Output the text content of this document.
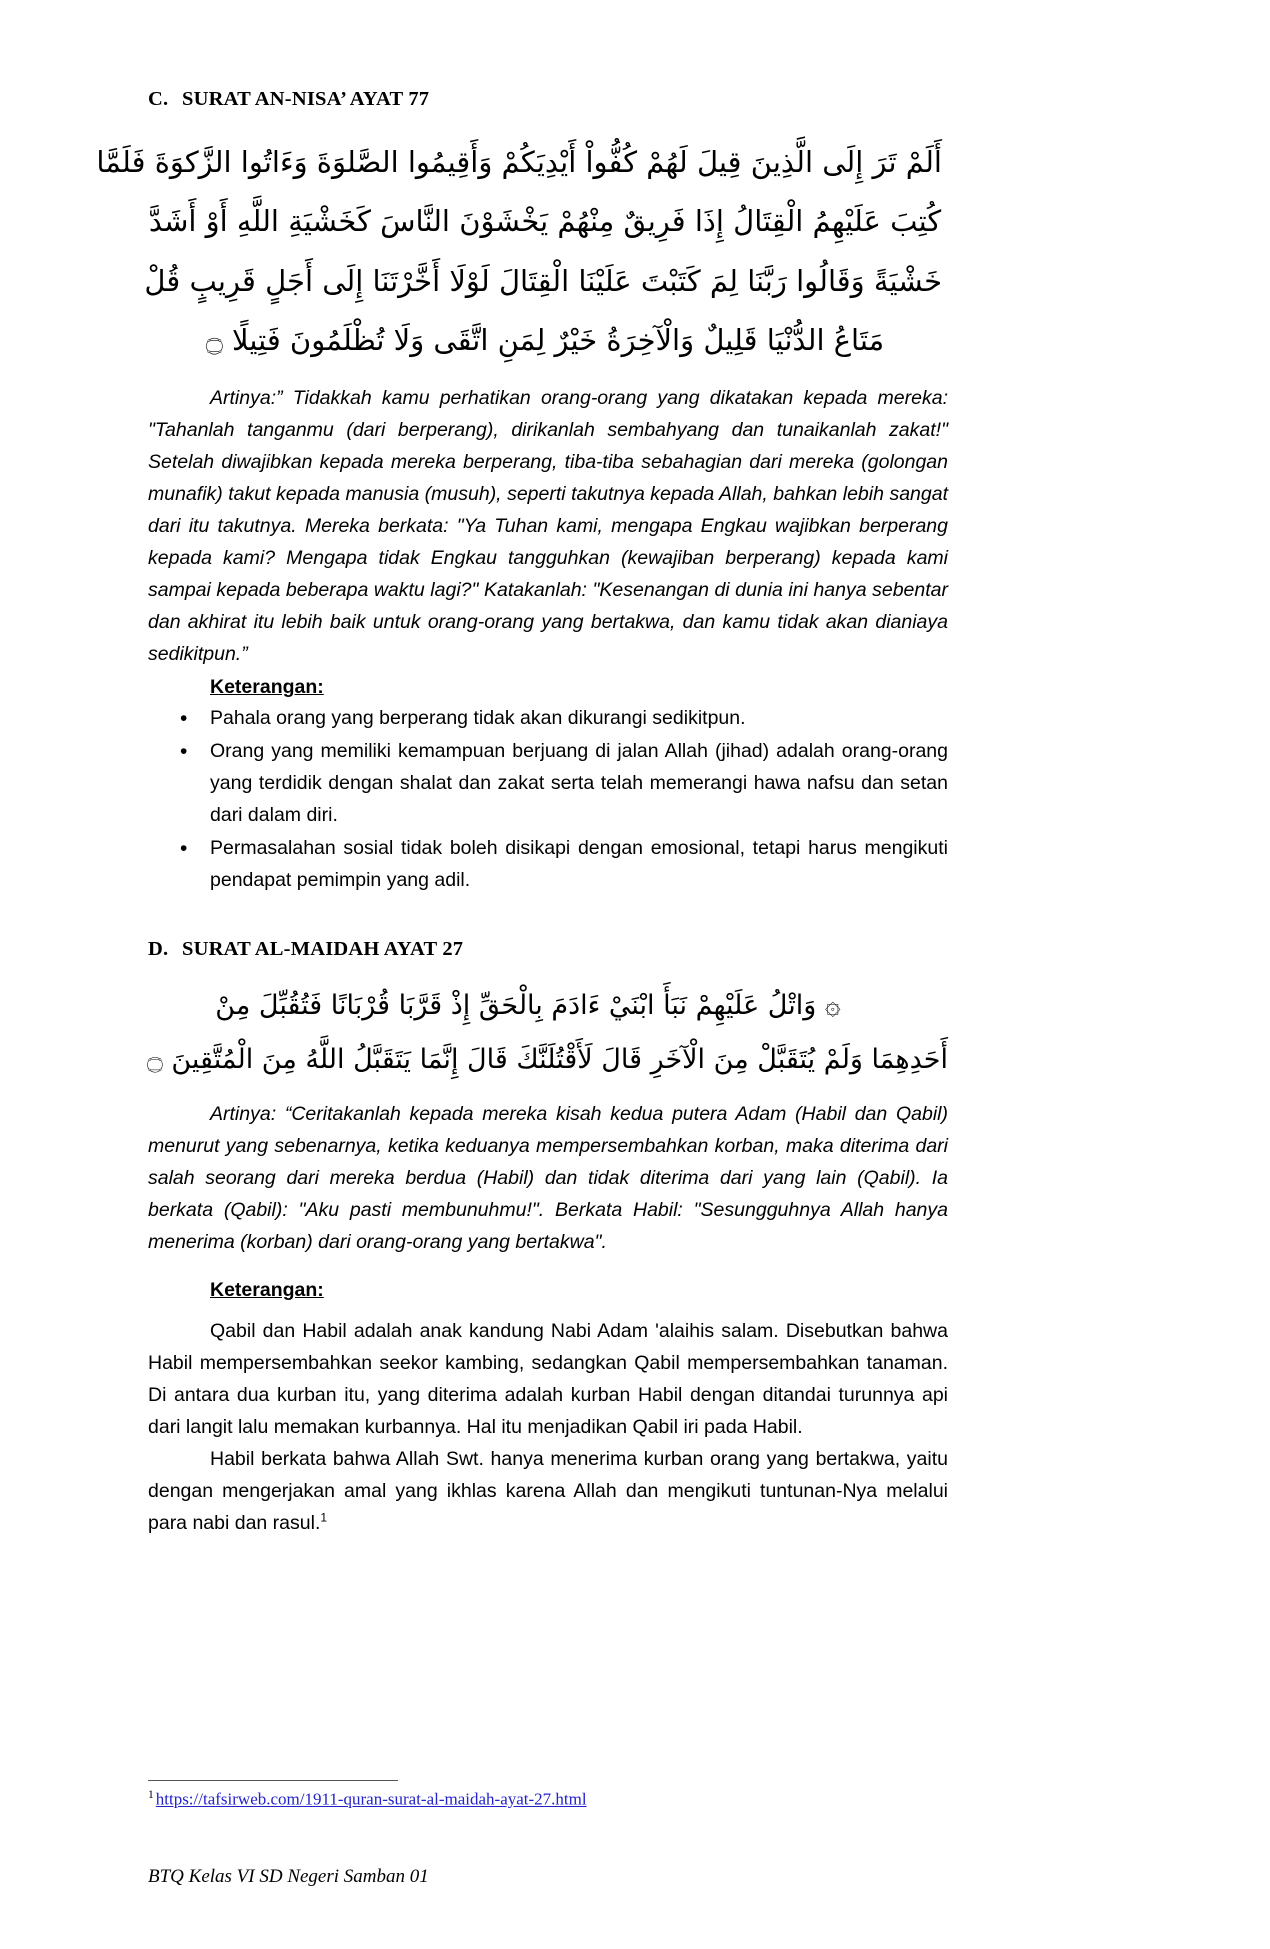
C. SURAT AN-NISA’ AYAT 77
أَلَمْ تَرَ إِلَى الَّذِينَ قِيلَ لَهُمْ كُفُّواْ أَيْدِيَكُمْ وَأَقِيمُوا الصَّلوَةَ وَءَاتُوا الزَّكوَةَ فَلَمَّا
كُتِبَ عَلَيْهِمُ الْقِتَالُ إِذَا فَرِيقٌ مِنْهُمْ يَخْشَوْنَ النَّاسَ كَخَشْيَةِ اللَّهِ أَوْ أَشَدَّ
خَشْيَةً وَقَالُوا رَبَّنَا لِمَ كَتَبْتَ عَلَيْنَا الْقِتَالَ لَوْلَا أَخَّرْتَنَا إِلَى أَجَلٍ قَرِيبٍ قُلْ
مَتَاعُ الدُّنْيَا قَلِيلٌ وَالْآخِرَةُ خَيْرٌ لِمَنِ اتَّقَى وَلَا تُظْلَمُونَ فَتِيلًا ۝

Artinya:” Tidakkah kamu perhatikan orang-orang yang dikatakan kepada mereka: "Tahanlah tanganmu (dari berperang), dirikanlah sembahyang dan tunaikanlah zakat!" Setelah diwajibkan kepada mereka berperang, tiba-tiba sebahagian dari mereka (golongan munafik) takut kepada manusia (musuh), seperti takutnya kepada Allah, bahkan lebih sangat dari itu takutnya. Mereka berkata: "Ya Tuhan kami, mengapa Engkau wajibkan berperang kepada kami? Mengapa tidak Engkau tangguhkan (kewajiban berperang) kepada kami sampai kepada beberapa waktu lagi?" Katakanlah: "Kesenangan di dunia ini hanya sebentar dan akhirat itu lebih baik untuk orang-orang yang bertakwa, dan kamu tidak akan dianiaya sedikitpun.”

Keterangan:
• Pahala orang yang berperang tidak akan dikurangi sedikitpun.
• Orang yang memiliki kemampuan berjuang di jalan Allah (jihad) adalah orang-orang yang terdidik dengan shalat dan zakat serta telah memerangi hawa nafsu dan setan dari dalam diri.
• Permasalahan sosial tidak boleh disikapi dengan emosional, tetapi harus mengikuti pendapat pemimpin yang adil.
D. SURAT AL-MAIDAH AYAT 27
۞ وَاتْلُ عَلَيْهِمْ نَبَأَ ابْنَيْ ءَادَمَ بِالْحَقِّ إِذْ قَرَّبَا قُرْبَانًا فَتُقُبِّلَ مِنْ
أَحَدِهِمَا وَلَمْ يُتَقَبَّلْ مِنَ الْآخَرِ قَالَ لَأَقْتُلَنَّكَ قَالَ إِنَّمَا يَتَقَبَّلُ اللَّهُ مِنَ الْمُتَّقِينَ ۝

Artinya: “Ceritakanlah kepada mereka kisah kedua putera Adam (Habil dan Qabil) menurut yang sebenarnya, ketika keduanya mempersembahkan korban, maka diterima dari salah seorang dari mereka berdua (Habil) dan tidak diterima dari yang lain (Qabil). Ia berkata (Qabil): "Aku pasti membunuhmu!". Berkata Habil: "Sesungguhnya Allah hanya menerima (korban) dari orang-orang yang bertakwa".

Keterangan:

Qabil dan Habil adalah anak kandung Nabi Adam 'alaihis salam. Disebutkan bahwa Habil mempersembahkan seekor kambing, sedangkan Qabil mempersembahkan tanaman. Di antara dua kurban itu, yang diterima adalah kurban Habil dengan ditandai turunnya api dari langit lalu memakan kurbannya. Hal itu menjadikan Qabil iri pada Habil.

Habil berkata bahwa Allah Swt. hanya menerima kurban orang yang bertakwa, yaitu dengan mengerjakan amal yang ikhlas karena Allah dan mengikuti tuntunan-Nya melalui para nabi dan rasul.$^1$

$^1$ https://tafsirweb.com/1911-quran-surat-al-maidah-ayat-27.html
BTQ Kelas VI SD Negeri Samban 01
